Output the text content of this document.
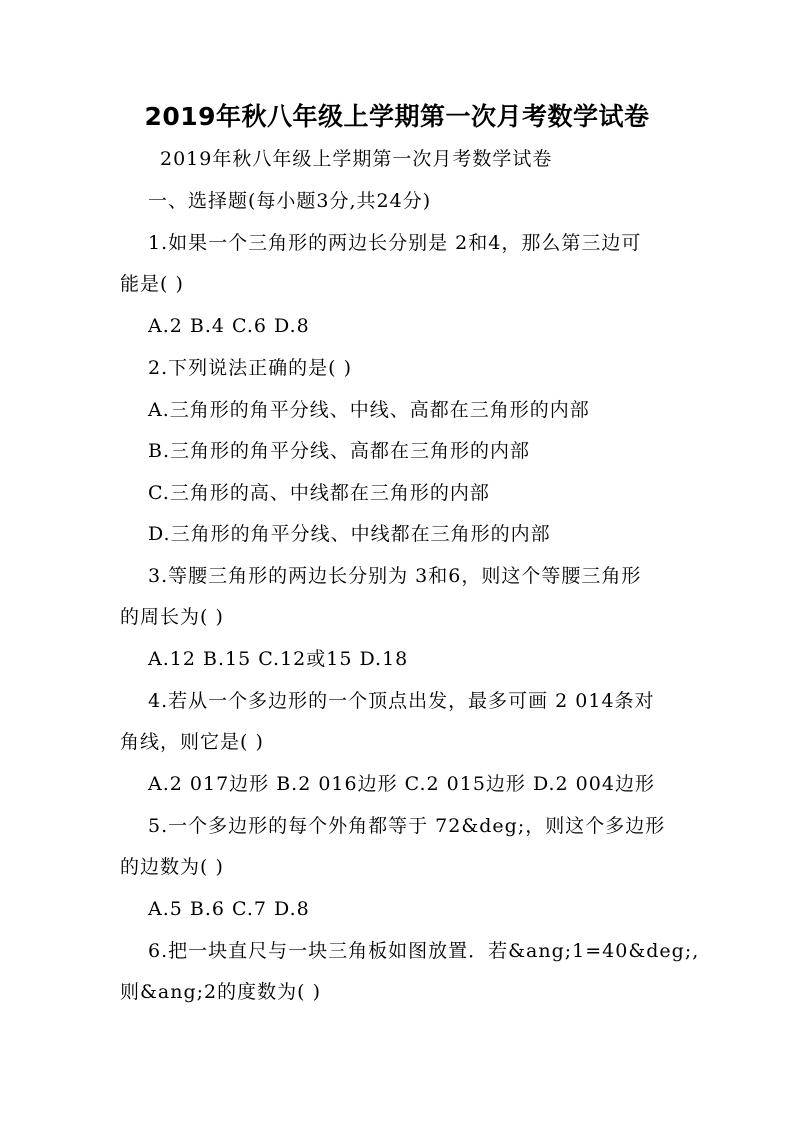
2019年秋八年级上学期第一次月考数学试卷
2019年秋八年级上学期第一次月考数学试卷
一、选择题(每小题3分,共24分)
1.如果一个三角形的两边长分别是 2和4，那么第三边可
能是( )
A.2 B.4 C.6 D.8
2.下列说法正确的是( )
A.三角形的角平分线、中线、高都在三角形的内部
B.三角形的角平分线、高都在三角形的内部
C.三角形的高、中线都在三角形的内部
D.三角形的角平分线、中线都在三角形的内部
3.等腰三角形的两边长分别为 3和6，则这个等腰三角形
的周长为( )
A.12 B.15 C.12或15 D.18
4.若从一个多边形的一个顶点出发，最多可画 2 014条对
角线，则它是( )
A.2 017边形 B.2 016边形 C.2 015边形 D.2 004边形
5.一个多边形的每个外角都等于 72&deg;，则这个多边形
的边数为( )
A.5 B.6 C.7 D.8
6.把一块直尺与一块三角板如图放置．若&ang;1=40&deg;,
则&ang;2的度数为( )
